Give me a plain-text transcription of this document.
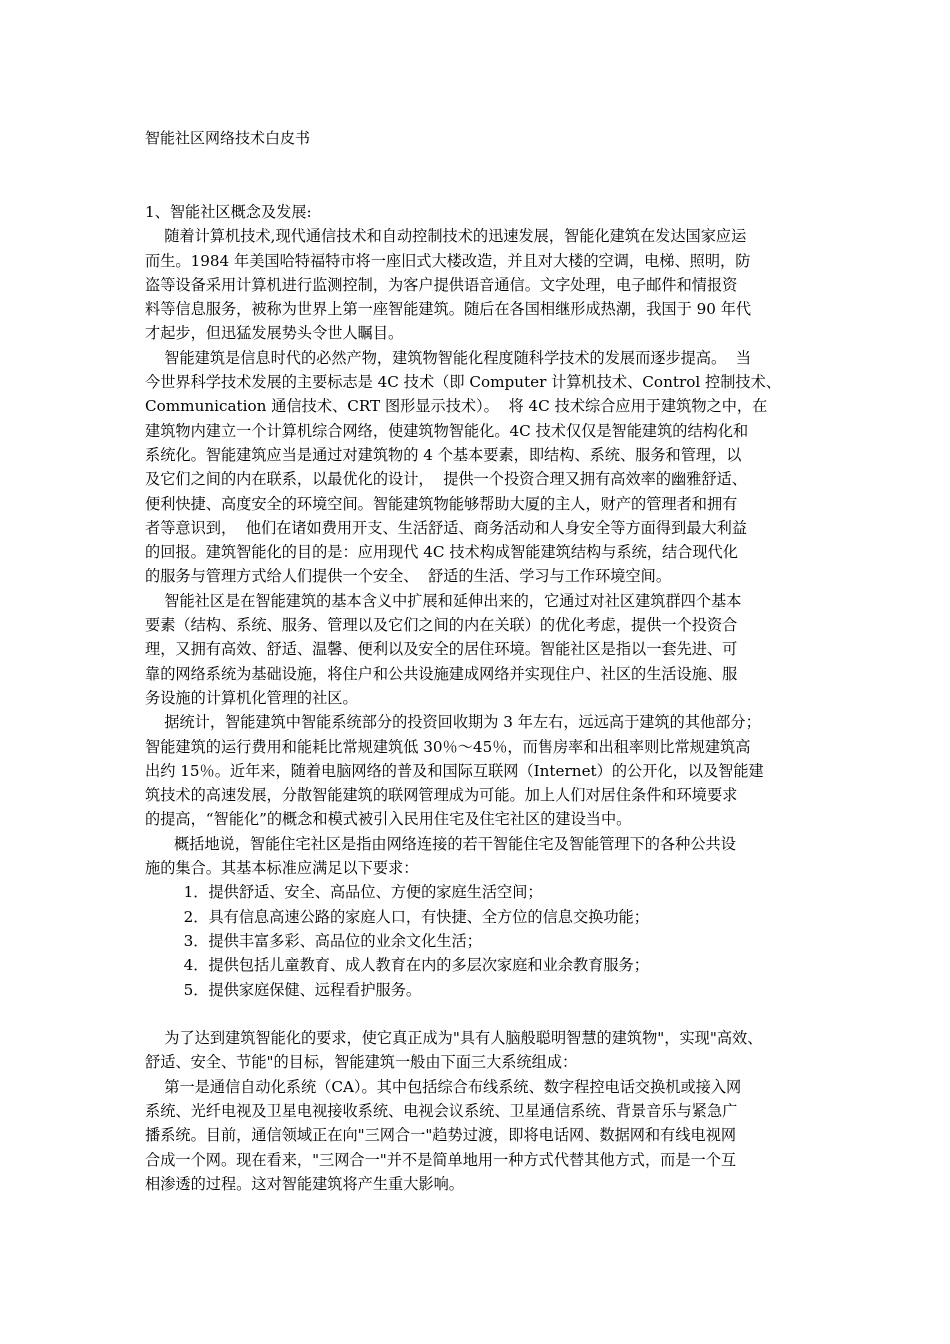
智能社区网络技术白皮书
1、智能社区概念及发展:
随着计算机技术,现代通信技术和自动控制技术的迅速发展，智能化建筑在发达国家应运
而生。1984 年美国哈特福特市将一座旧式大楼改造，并且对大楼的空调，电梯、照明，防
盗等设备采用计算机进行监测控制，为客户提供语音通信。文字处理，电子邮件和情报资
料等信息服务，被称为世界上第一座智能建筑。随后在各国相继形成热潮，我国于 90 年代
才起步，但迅猛发展势头令世人瞩目。
智能建筑是信息时代的必然产物，建筑物智能化程度随科学技术的发展而逐步提高。  当
今世界科学技术发展的主要标志是 4C 技术（即 Computer 计算机技术、Control 控制技术、
Communication 通信技术、CRT 图形显示技术）。  将 4C 技术综合应用于建筑物之中，在
建筑物内建立一个计算机综合网络，使建筑物智能化。4C 技术仅仅是智能建筑的结构化和
系统化。智能建筑应当是通过对建筑物的 4 个基本要素，即结构、系统、服务和管理，以
及它们之间的内在联系，以最优化的设计，  提供一个投资合理又拥有高效率的幽雅舒适、
便利快捷、高度安全的环境空间。智能建筑物能够帮助大厦的主人，财产的管理者和拥有
者等意识到，  他们在诸如费用开支、生活舒适、商务活动和人身安全等方面得到最大利益
的回报。建筑智能化的目的是：应用现代 4C 技术构成智能建筑结构与系统，结合现代化
的服务与管理方式给人们提供一个安全、  舒适的生活、学习与工作环境空间。
智能社区是在智能建筑的基本含义中扩展和延伸出来的，它通过对社区建筑群四个基本
要素（结构、系统、服务、管理以及它们之间的内在关联）的优化考虑，提供一个投资合
理，又拥有高效、舒适、温馨、便利以及安全的居住环境。智能社区是指以一套先进、可
靠的网络系统为基础设施，将住户和公共设施建成网络并实现住户、社区的生活设施、服
务设施的计算机化管理的社区。
据统计，智能建筑中智能系统部分的投资回收期为 3 年左右，远远高于建筑的其他部分；
智能建筑的运行费用和能耗比常规建筑低 30％～45％，而售房率和出租率则比常规建筑高
出约 15％。近年来，随着电脑网络的普及和国际互联网（Internet）的公开化，以及智能建
筑技术的高速发展，分散智能建筑的联网管理成为可能。加上人们对居住条件和环境要求
的提高，“智能化”的概念和模式被引入民用住宅及住宅社区的建设当中。
概括地说，智能住宅社区是指由网络连接的若干智能住宅及智能管理下的各种公共设
施的集合。其基本标准应满足以下要求：
1．提供舒适、安全、高品位、方便的家庭生活空间；
2．具有信息高速公路的家庭人口，有快捷、全方位的信息交换功能；
3．提供丰富多彩、高品位的业余文化生活；
4．提供包括儿童教育、成人教育在内的多层次家庭和业余教育服务；
5．提供家庭保健、远程看护服务。
为了达到建筑智能化的要求，使它真正成为"具有人脑般聪明智慧的建筑物"，实现"高效、
舒适、安全、节能"的目标，智能建筑一般由下面三大系统组成：
第一是通信自动化系统（CA）。其中包括综合布线系统、数字程控电话交换机或接入网
系统、光纤电视及卫星电视接收系统、电视会议系统、卫星通信系统、背景音乐与紧急广
播系统。目前，通信领域正在向"三网合一"趋势过渡，即将电话网、数据网和有线电视网
合成一个网。现在看来，"三网合一"并不是简单地用一种方式代替其他方式，而是一个互
相渗透的过程。这对智能建筑将产生重大影响。
